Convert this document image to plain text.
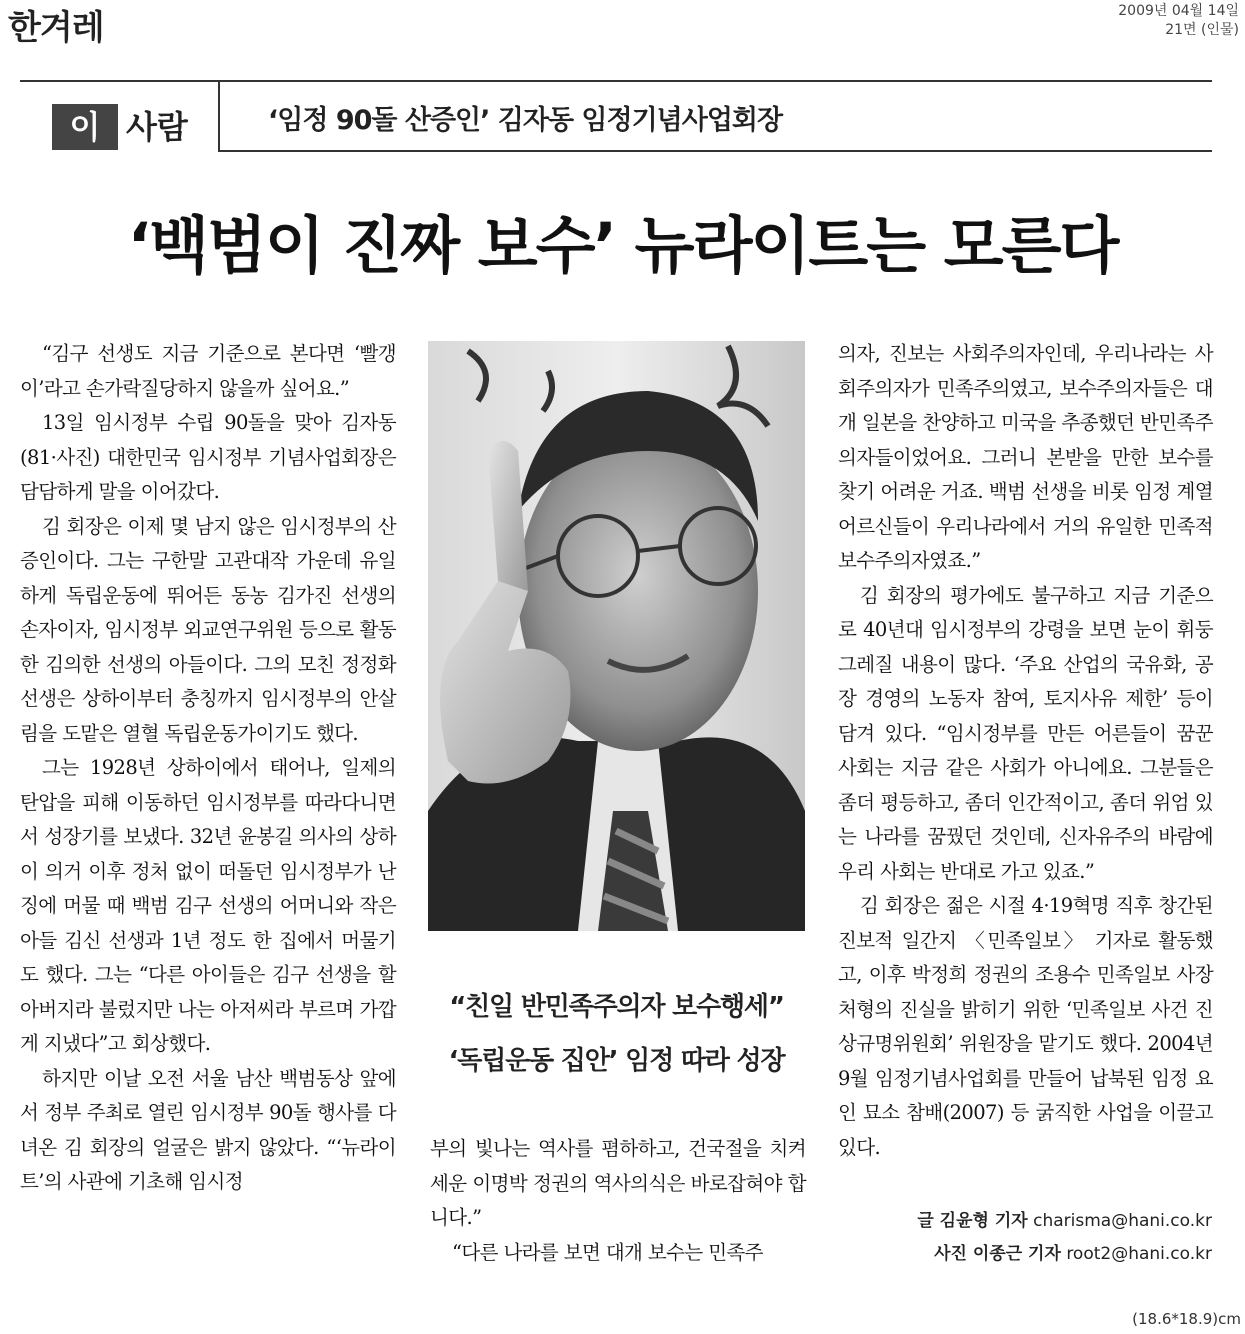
한겨레	2009년 04월 14일
21면 (인물)
이 사람	‘임정 90돌 산증인’ 김자동 임정기념사업회장
‘백범이 진짜 보수’ 뉴라이트는 모른다

“김구 선생도 지금 기준으로 본다면 ‘빨갱이’라고 손가락질당하지 않을까 싶어요.”

13일 임시정부 수립 90돌을 맞아 김자동(81·사진) 대한민국 임시정부 기념사업회장은 담담하게 말을 이어갔다.

김 회장은 이제 몇 남지 않은 임시정부의 산증인이다. 그는 구한말 고관대작 가운데 유일하게 독립운동에 뛰어든 동농 김가진 선생의 손자이자, 임시정부 외교연구위원 등으로 활동한 김의한 선생의 아들이다. 그의 모친 정정화 선생은 상하이부터 충칭까지 임시정부의 안살림을 도맡은 열혈 독립운동가이기도 했다.

그는 1928년 상하이에서 태어나, 일제의 탄압을 피해 이동하던 임시정부를 따라다니면서 성장기를 보냈다. 32년 윤봉길 의사의 상하이 의거 이후 정처 없이 떠돌던 임시정부가 난징에 머물 때 백범 김구 선생의 어머니와 작은 아들 김신 선생과 1년 정도 한 집에서 머물기도 했다. 그는 “다른 아이들은 김구 선생을 할아버지라 불렀지만 나는 아저씨라 부르며 가깝게 지냈다”고 회상했다.

하지만 이날 오전 서울 남산 백범동상 앞에서 정부 주최로 열린 임시정부 90돌 행사를 다녀온 김 회장의 얼굴은 밝지 않았다. “‘뉴라이트’의 사관에 기초해 임시정

“친일 반민족주의자 보수행세”
‘독립운동 집안’ 임정 따라 성장

부의 빛나는 역사를 폄하하고, 건국절을 치켜세운 이명박 정권의 역사의식은 바로잡혀야 합니다.”

“다른 나라를 보면 대개 보수는 민족주

의자, 진보는 사회주의자인데, 우리나라는 사회주의자가 민족주의였고, 보수주의자들은 대개 일본을 찬양하고 미국을 추종했던 반민족주의자들이었어요. 그러니 본받을 만한 보수를 찾기 어려운 거죠. 백범 선생을 비롯 임정 계열 어르신들이 우리나라에서 거의 유일한 민족적 보수주의자였죠.”

김 회장의 평가에도 불구하고 지금 기준으로 40년대 임시정부의 강령을 보면 눈이 휘둥그레질 내용이 많다. ‘주요 산업의 국유화, 공장 경영의 노동자 참여, 토지사유 제한’ 등이 담겨 있다. “임시정부를 만든 어른들이 꿈꾼 사회는 지금 같은 사회가 아니에요. 그분들은 좀더 평등하고, 좀더 인간적이고, 좀더 위엄 있는 나라를 꿈꿨던 것인데, 신자유주의 바람에 우리 사회는 반대로 가고 있죠.”

김 회장은 젊은 시절 4·19혁명 직후 창간된 진보적 일간지 〈민족일보〉 기자로 활동했고, 이후 박정희 정권의 조용수 민족일보 사장 처형의 진실을 밝히기 위한 ‘민족일보 사건 진상규명위원회’ 위원장을 맡기도 했다. 2004년 9월 임정기념사업회를 만들어 납북된 임정 요인 묘소 참배(2007) 등 굵직한 사업을 이끌고 있다.

글 김윤형 기자 charisma@hani.co.kr
사진 이종근 기자 root2@hani.co.kr
(18.6*18.9)cm
